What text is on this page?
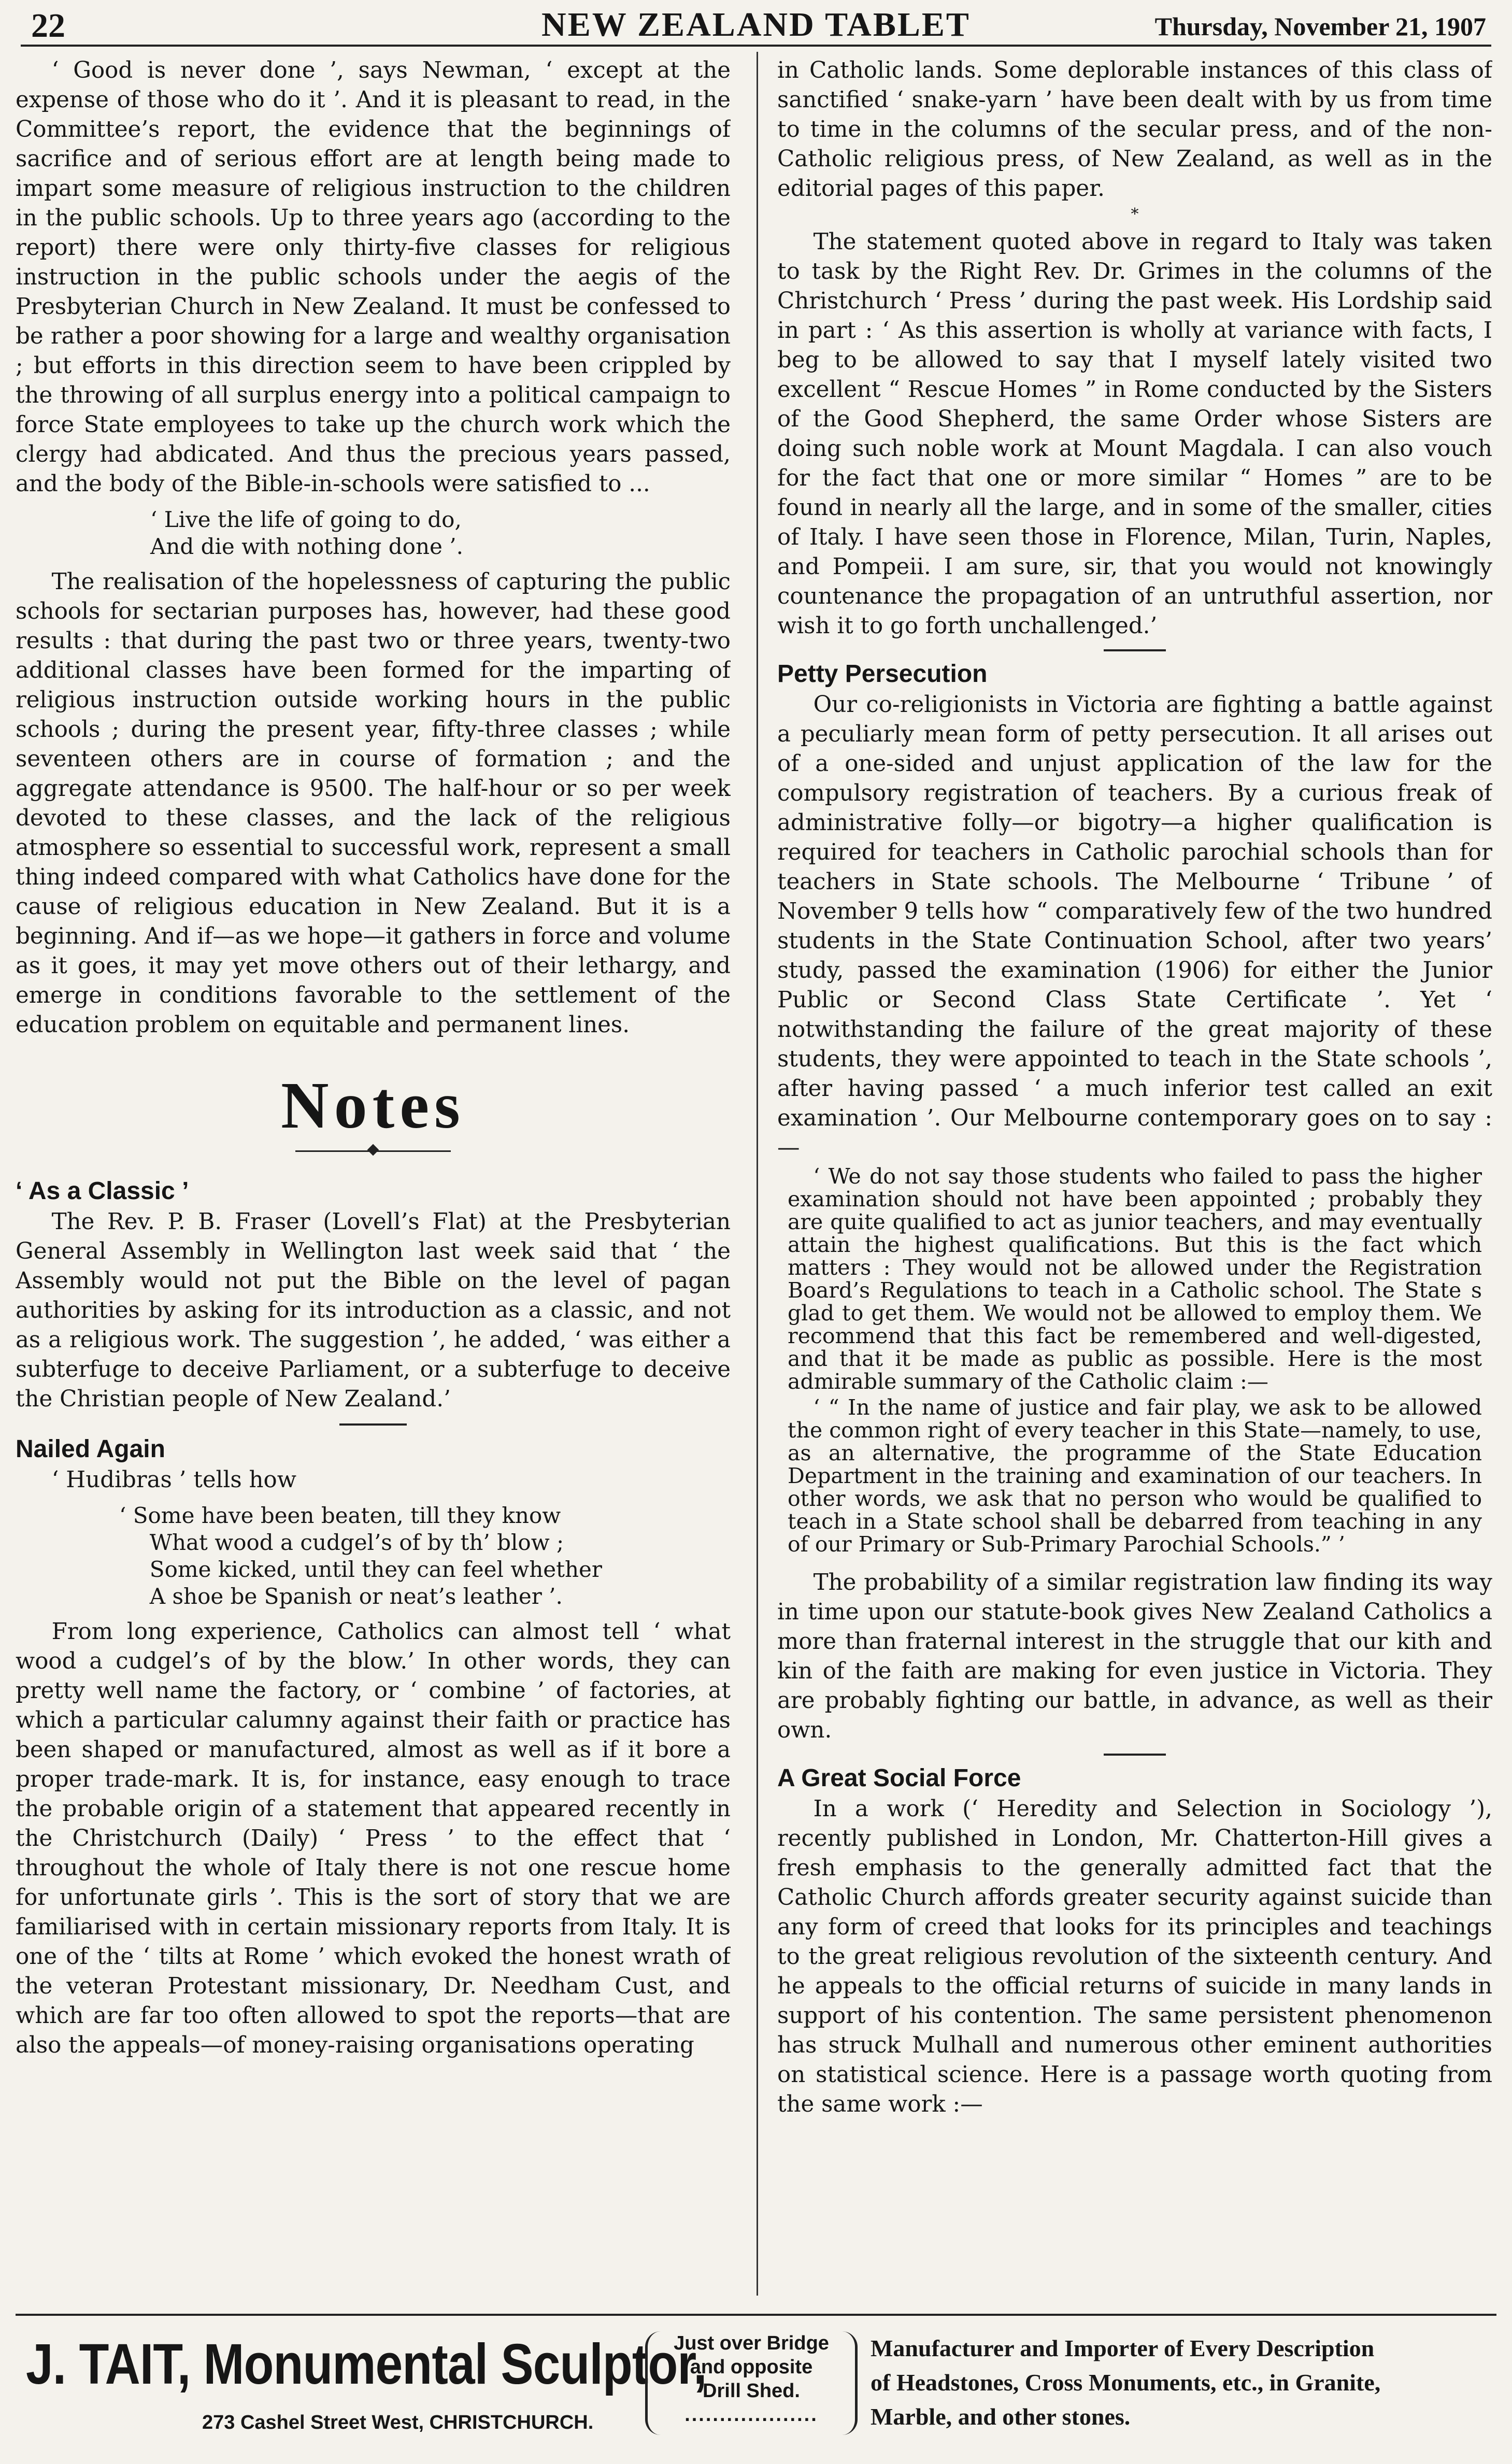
22	NEW ZEALAND TABLET	Thursday, November 21, 1907

‘ Good is never done ’, says Newman, ‘ except at the expense of those who do it ’. And it is pleasant to read, in the Committee’s report, the evidence that the beginnings of sacrifice and of serious effort are at length being made to impart some measure of religious instruction to the children in the public schools. Up to three years ago (according to the report) there were only thirty-five classes for religious instruction in the public schools under the aegis of the Presbyterian Church in New Zealand. It must be confessed to be rather a poor showing for a large and wealthy organisation ; but efforts in this direction seem to have been crippled by the throwing of all surplus energy into a political campaign to force State employees to take up the church work which the clergy had abdicated. And thus the precious years passed, and the body of the Bible-in-schools were satisfied to ...

‘ Live the life of going to do,
And die with nothing done ’.

The realisation of the hopelessness of capturing the public schools for sectarian purposes has, however, had these good results : that during the past two or three years, twenty-two additional classes have been formed for the imparting of religious instruction outside working hours in the public schools ; during the present year, fifty-three classes ; while seventeen others are in course of formation ; and the aggregate attendance is 9500. The half-hour or so per week devoted to these classes, and the lack of the religious atmosphere so essential to successful work, represent a small thing indeed compared with what Catholics have done for the cause of religious education in New Zealand. But it is a beginning. And if—as we hope—it gathers in force and volume as it goes, it may yet move others out of their lethargy, and emerge in conditions favorable to the settlement of the education problem on equitable and permanent lines.

Notes
‘ As a Classic ’

The Rev. P. B. Fraser (Lovell’s Flat) at the Presbyterian General Assembly in Wellington last week said that ‘ the Assembly would not put the Bible on the level of pagan authorities by asking for its introduction as a classic, and not as a religious work. The suggestion ’, he added, ‘ was either a subterfuge to deceive Parliament, or a subterfuge to deceive the Christian people of New Zealand.’

Nailed Again

‘ Hudibras ’ tells how

‘ Some have been beaten, till they know
What wood a cudgel’s of by th’ blow ;
Some kicked, until they can feel whether
A shoe be Spanish or neat’s leather ’.

From long experience, Catholics can almost tell ‘ what wood a cudgel’s of by the blow.’ In other words, they can pretty well name the factory, or ‘ combine ’ of factories, at which a particular calumny against their faith or practice has been shaped or manufactured, almost as well as if it bore a proper trade-mark. It is, for instance, easy enough to trace the probable origin of a statement that appeared recently in the Christchurch (Daily) ‘ Press ’ to the effect that ‘ throughout the whole of Italy there is not one rescue home for unfortunate girls ’. This is the sort of story that we are familiarised with in certain missionary reports from Italy. It is one of the ‘ tilts at Rome ’ which evoked the honest wrath of the veteran Protestant missionary, Dr. Needham Cust, and which are far too often allowed to spot the reports—that are also the appeals—of money-raising organisations operating

in Catholic lands. Some deplorable instances of this class of sanctified ‘ snake-yarn ’ have been dealt with by us from time to time in the columns of the secular press, and of the non-Catholic religious press, of New Zealand, as well as in the editorial pages of this paper.

*

The statement quoted above in regard to Italy was taken to task by the Right Rev. Dr. Grimes in the columns of the Christchurch ‘ Press ’ during the past week. His Lordship said in part : ‘ As this assertion is wholly at variance with facts, I beg to be allowed to say that I myself lately visited two excellent “ Rescue Homes ” in Rome conducted by the Sisters of the Good Shepherd, the same Order whose Sisters are doing such noble work at Mount Magdala. I can also vouch for the fact that one or more similar “ Homes ” are to be found in nearly all the large, and in some of the smaller, cities of Italy. I have seen those in Florence, Milan, Turin, Naples, and Pompeii. I am sure, sir, that you would not knowingly countenance the propagation of an untruthful assertion, nor wish it to go forth unchallenged.’

Petty Persecution

Our co-religionists in Victoria are fighting a battle against a peculiarly mean form of petty persecution. It all arises out of a one-sided and unjust application of the law for the compulsory registration of teachers. By a curious freak of administrative folly—or bigotry—a higher qualification is required for teachers in Catholic parochial schools than for teachers in State schools. The Melbourne ‘ Tribune ’ of November 9 tells how “ comparatively few of the two hundred students in the State Continuation School, after two years’ study, passed the examination (1906) for either the Junior Public or Second Class State Certificate ’. Yet ‘ notwithstanding the failure of the great majority of these students, they were appointed to teach in the State schools ’, after having passed ‘ a much inferior test called an exit examination ’. Our Melbourne contemporary goes on to say :—

‘ We do not say those students who failed to pass the higher examination should not have been appointed ; probably they are quite qualified to act as junior teachers, and may eventually attain the highest qualifications. But this is the fact which matters : They would not be allowed under the Registration Board’s Regulations to teach in a Catholic school. The State s glad to get them. We would not be allowed to employ them. We recommend that this fact be remembered and well-digested, and that it be made as public as possible. Here is the most admirable summary of the Catholic claim :—

‘ “ In the name of justice and fair play, we ask to be allowed the common right of every teacher in this State—namely, to use, as an alternative, the programme of the State Education Department in the training and examination of our teachers. In other words, we ask that no person who would be qualified to teach in a State school shall be debarred from teaching in any of our Primary or Sub-Primary Parochial Schools.” ’

The probability of a similar registration law finding its way in time upon our statute-book gives New Zealand Catholics a more than fraternal interest in the struggle that our kith and kin of the faith are making for even justice in Victoria. They are probably fighting our battle, in advance, as well as their own.

A Great Social Force

In a work (‘ Heredity and Selection in Sociology ’), recently published in London, Mr. Chatterton-Hill gives a fresh emphasis to the generally admitted fact that the Catholic Church affords greater security against suicide than any form of creed that looks for its principles and teachings to the great religious revolution of the sixteenth century. And he appeals to the official returns of suicide in many lands in support of his contention. The same persistent phenomenon has struck Mulhall and numerous other eminent authorities on statistical science. Here is a passage worth quoting from the same work :—

J. TAIT, Monumental Sculptor,
273 Cashel Street West, CHRISTCHURCH.
Just over Bridge
and opposite
Drill Shed.
...................
Manufacturer and Importer of Every Description
of Headstones, Cross Monuments, etc., in Granite,
Marble, and other stones.
